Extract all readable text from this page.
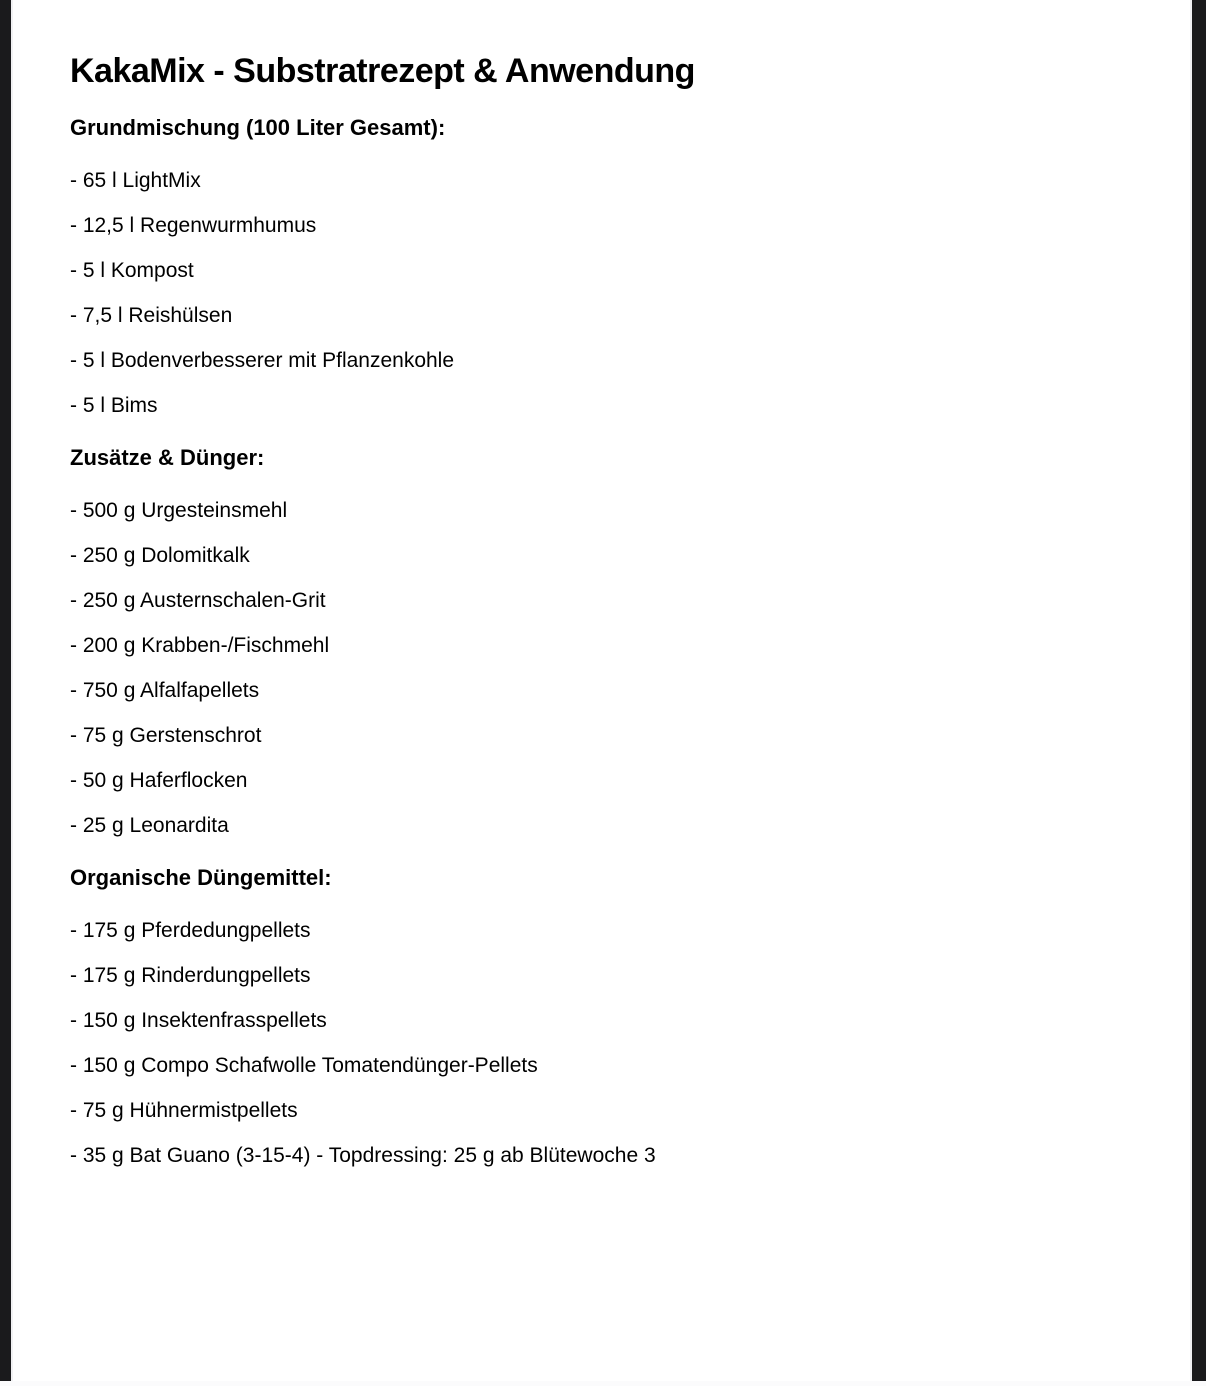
KakaMix - Substratrezept & Anwendung
Grundmischung (100 Liter Gesamt):

- 65 l LightMix

- 12,5 l Regenwurmhumus

- 5 l Kompost

- 7,5 l Reishülsen

- 5 l Bodenverbesserer mit Pflanzenkohle

- 5 l Bims

Zusätze & Dünger:

- 500 g Urgesteinsmehl

- 250 g Dolomitkalk

- 250 g Austernschalen-Grit

- 200 g Krabben-/Fischmehl

- 750 g Alfalfapellets

- 75 g Gerstenschrot

- 50 g Haferflocken

- 25 g Leonardita

Organische Düngemittel:

- 175 g Pferdedungpellets

- 175 g Rinderdungpellets

- 150 g Insektenfrasspellets

- 150 g Compo Schafwolle Tomatendünger-Pellets

- 75 g Hühnermistpellets

- 35 g Bat Guano (3-15-4) - Topdressing: 25 g ab Blütewoche 3
